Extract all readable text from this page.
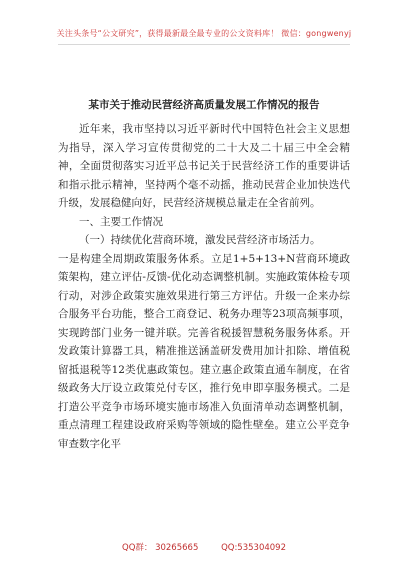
关注头条号“公文研究”，获得最新最全最专业的公文资料库！ 微信：gongwenyj
某市关于推动民营经济高质量发展工作情况的报告

近年来，我市坚持以习近平新时代中国特色社会主义思想为指导，深入学习宣传贯彻党的二十大及二十届三中全会精神，全面贯彻落实习近平总书记关于民营经济工作的重要讲话和指示批示精神，坚持两个毫不动摇，推动民营企业加快迭代升级，发展稳健向好，民营经济规模总量走在全省前列。

一、主要工作情况

（一）持续优化营商环境，激发民营经济市场活力。

一是构建全周期政策服务体系。立足1+5+13+N营商环境政策架构，建立评估-反馈-优化动态调整机制。实施政策体检专项行动，对涉企政策实施效果进行第三方评估。升级一企来办综合服务平台功能，整合工商登记、税务办理等23项高频事项，实现跨部门业务一键并联。完善省税援智慧税务服务体系。开发政策计算器工具，精准推送涵盖研发费用加计扣除、增值税留抵退税等12类优惠政策包。建立惠企政策直通车制度，在省级政务大厅设立政策兑付专区，推行免申即享服务模式。二是打造公平竞争市场环境实施市场准入负面清单动态调整机制，重点清理工程建设政府采购等领域的隐性壁垒。建立公平竞争审查数字化平

QQ群： 30265665	QQ:535304092
